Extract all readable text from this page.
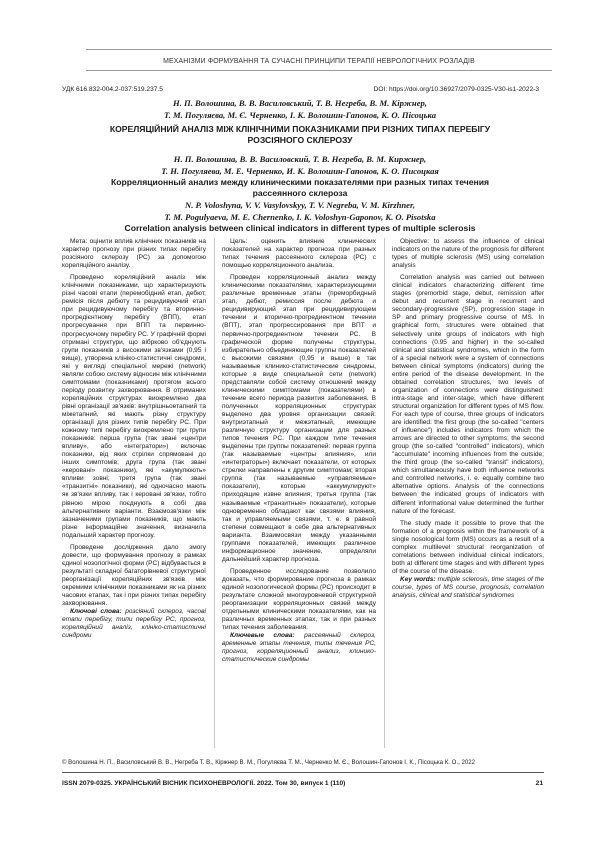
МЕХАНІЗМИ ФОРМУВАННЯ ТА СУЧАСНІ ПРИНЦИПИ ТЕРАПІЇ НЕВРОЛОГІЧНИХ РОЗЛАДІВ
УДК 616.832-004.2-037:519.237.5	DOI: https://doi.org/10.36927/2079-0325-V30-is1-2022-3
Н. П. Волошина, В. В. Василовський, Т. В. Негреба, В. М. Кіржнер,
Т. М. Погуляєва, М. Є. Черненко, І. К. Волошин-Гапонов, К. О. Пісоцька
КОРЕЛЯЦІЙНИЙ АНАЛІЗ МІЖ КЛІНІЧНИМИ ПОКАЗНИКАМИ ПРИ РІЗНИХ ТИПАХ ПЕРЕБІГУ
РОЗСІЯНОГО СКЛЕРОЗУ
Н. П. Волошина, В. В. Василовский, Т. В. Негреба, В. М. Киржнер,
Т. Н. Погуляева, М. Е. Черненко, И. К. Волошин-Гапонов, К. О. Писоцкая
Корреляционный анализ между клиническими показателями при разных типах течения
рассеянного склероза
N. P. Voloshyna, V. V. Vasylovskyy, T. V. Negreba, V. M. Kirzhner,
T. M. Pogulyaeva, M. E. Chernenko, I. K. Voloshyn-Gaponov, K. O. Pisotska
Correlation analysis between clinical indicators in different types of multiple sclerosis

Мета: оцінити вплив клінічних показників на характер прогнозу при різних типах перебігу розсіяного склерозу (РС) за допомогою кореляційного аналізу.

Проведено кореляційний аналіз між клінічними показниками, що характеризують різні часові етапи (перемобідний етап, дебют, ремісія після дебюту та рецидивуючий етап при рецидивуючому перебігу та вторинно-прогредієнтному перебігу (ВПП), етап прогресування при ВПП та первинно-прогресуючому перебігу РС. У графічній формі отримані структури, що вібрково об'єднують групи показників з високими зв'язками (0,95 і вище), утворена клініко-статистичні синдроми, які у вигляді спеціальної мережі (network) являли собою систему відносин між клінічними симптомами (показниками) протягом всього періоду розвитку захворювання. В отриманих кореляційних структурах виокремлено два рівні організації зв'язків: внутрішньоетапний та міжетапний, які мають різну структуру організації для різних типів перебігу РС. При кожному типі перебігу виокремлено три групи показників: перша група (так звані «центри впливу», або «інтегратори») включає показники, від яких стрілки спрямовані до інших симптомів; друга група (так звані «керовані» показники), які «акумулюють» впливи зовні; третя група (так звані «транзитні» показники), які одночасно мають як зв'язки впливу, так і керовані зв'язки, тобто рівною мірою поєднують в собі два альтернативних варіанти. Взаємозв'язки між зазначеними групами показників, що мають різне інформаційне значення, визначила подальший характер прогнозу.

Проведене дослідження далo змогу довести, що формування прогнозу в рамках єдиної нозологічної форми (РС) відбувається в результаті складної багаторівневої структурної реорганізації кореляційних зв'язків між окремими клінічними показниками як на різних часових етапах, так і при різних типах перебігу захворювання.

Ключові слова: розсіяний склероз, часові етапи перебігу, типи перебігу РС, прогноз, кореляційний аналіз, клініко-статистичні синдроми

Цель: оценить влияние клинических показателей на характер прогноза при разных типах течения рассеянного склероза (РС) с помощью корреляционного анализа.

Проведен корреляционный анализ между клиническими показателями, характеризующими различные временные этапы (преморбидный этап, дебют, ремиссия после дебюта и рецидивирующий этап при рецидивирующем течении и вторично-прогредиентном течении (ВПТ), этап прогрессирования при ВПТ и первично-прогредиентном течении РС. В графической форме получены структуры, избирательно объединяющие группы показателей с высокими связями (0,95 и выше) в так называемые клинико-статистические синдромы, которые в виде специальной сети (network) представляли собой систему отношений между клиническими симптомами (показателями) в течение всего периода развития заболевания. В полученных корреляционных структурах выделено два уровня организации связей: внутриэтапный и межэтапный, имеющие различную структуру организации для разных типов течения РС. При каждом типе течения выделены три группы показателей: первая группа (так называемые «центры влияния», или «интеграторы») включает показатели, от которых стрелки направлены к другим симптомам; вторая группа (так называемые «управляемые» показатели), которые «аккумулируют» приходящие извне влияния; третья группа (так называемые «транзитные» показатели), которые одновременно обладают как связями влияния, так и управляемыми связями, т. е. в равной степени совмещают в себе два альтернативных варианта. Взаимосвязи между указанными группами показателей, имеющих различное информационное значение, определяли дальнейший характер прогноза.

Проведенное исследование позволило доказать, что формирование прогноза в рамках единой нозологической формы (РС) происходит в результате сложной многоуровневой структурной реорганизации корреляционных связей между отдельными клиническими показателями, как на различных временных этапах, так и при разных типах течения заболевания.

Ключевые слова: рассеянный склероз, временные этапы течения, типы течения РС, прогноз, корреляционный анализ, клинико-статистические синдромы

Objective: to assess the influence of clinical indicators on the nature of the prognosis for different types of multiple sclerosis (MS) using correlation analysis

Correlation analysis was carried out between clinical indicators characterizing different time stages (premorbid stage, debut, remission after debut and recurrent stage in recurrent and secondary-progressive (SP), progression stage in SP and primary progressive course of MS. In graphical form, structures were obtained that selectively unite groups of indicators with high connections (0.95 and higher) in the so-called clinical and statistical syndromes, which in the form of a special network were a system of connections between clinical symptoms (indicators) during the entire period of the disease development. In the obtained correlation structures, two levels of organization of connections were distinguished: intra-stage and inter-stage, which have different structural organization for different types of MS flow. For each type of course, three groups of indicators are identified: the first group (the so-called "centers of influence") includes indicators from which the arrows are directed to other symptoms; the second group (the so-called "controlled" indicators), which "accumulate" incoming influences from the outside; the third group (the so-called "transit" indicators), which simultaneously have both influence networks and controlled networks, i. e. equally combine two alternative options. Analysis of the connections between the indicated groups of indicators with different informational value determined the further nature of the forecast.

The study made it possible to prove that the formation of a prognosis within the framework of a single nosological form (MS) occurs as a result of a complex multilevel structural reorganization of correlations between individual clinical indicators, both at different time stages and with different types of the course of the disease.

Key words: multiple sclerosis, time stages of the course, types of MS course, prognosis, correlation analysis, clinical and statistical syndromes

© Волошина Н. П., Василовський В. В., Негреба Т. В., Кіржнер В. М., Погуляєва Т. М., Черненко М. Є., Волошин-Гапонов І. К., Пісоцька К. О., 2022
ISSN 2079-0325. УКРАЇНСЬКИЙ ВІСНИК ПСИХОНЕВРОЛОГІЇ. 2022. Том 30, випуск 1 (110)	21
